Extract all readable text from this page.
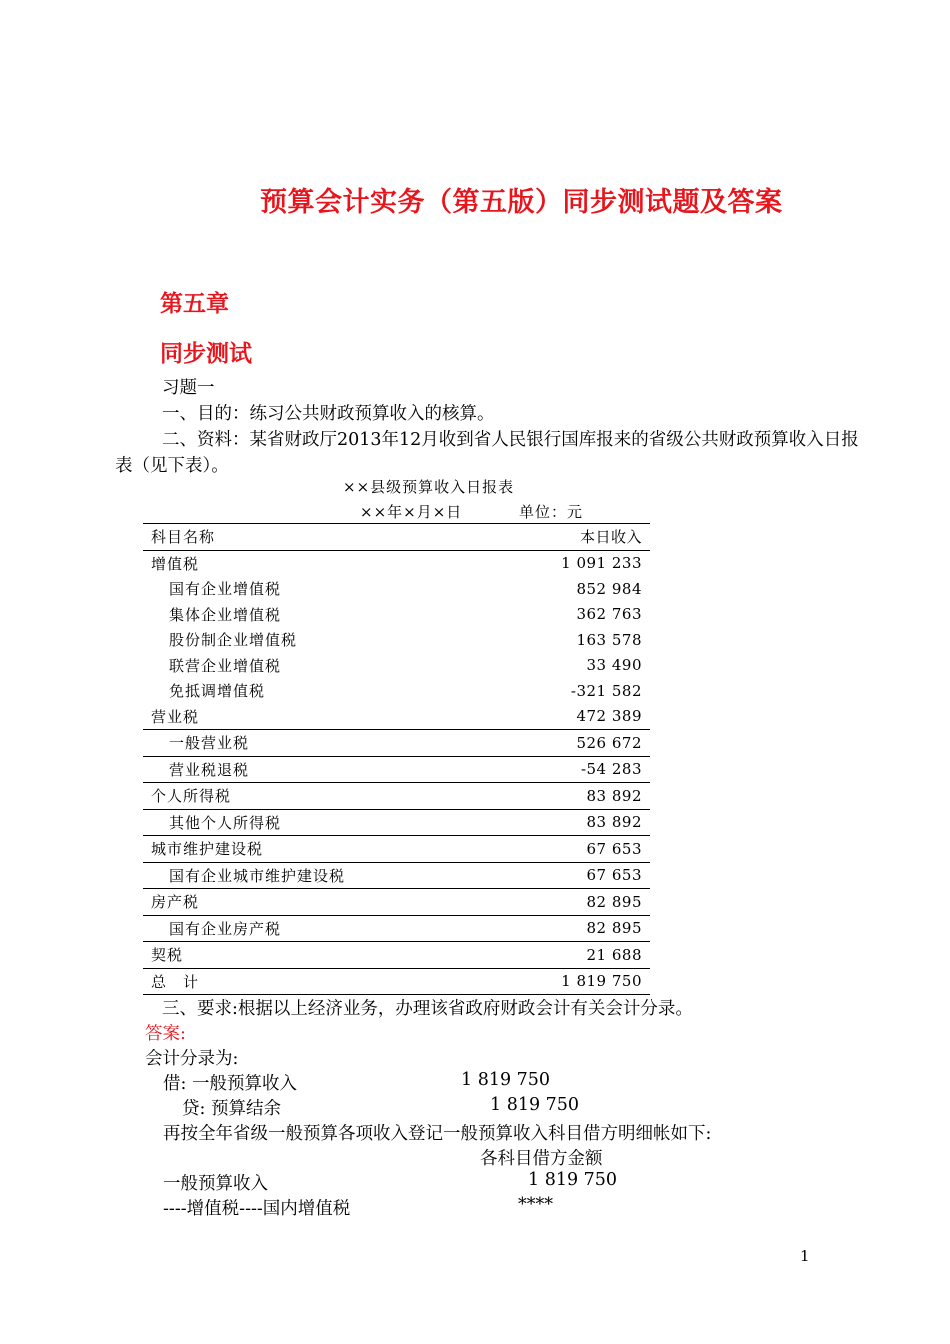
预算会计实务（第五版）同步测试题及答案
第五章
同步测试
习题一
一、目的：练习公共财政预算收入的核算。
二、资料：某省财政厅2013年12月收到省人民银行国库报来的省级公共财政预算收入日报
表（见下表）。
××县级预算收入日报表
××年×月×日	单位：元
科目名称	本日收入
增值税	1 091 233
国有企业增值税	852 984
集体企业增值税	362 763
股份制企业增值税	163 578
联营企业增值税	33 490
免抵调增值税	-321 582
营业税	472 389
一般营业税	526 672
营业税退税	-54 283
个人所得税	83 892
其他个人所得税	83 892
城市维护建设税	67 653
国有企业城市维护建设税	67 653
房产税	82 895
国有企业房产税	82 895
契税	21 688
总　计	1 819 750
三、要求:根据以上经济业务，办理该省政府财政会计有关会计分录。
答案:
会计分录为:
借: 一般预算收入	1 819 750
贷: 预算结余	1 819 750
再按全年省级一般预算各项收入登记一般预算收入科目借方明细帐如下:
各科目借方金额
一般预算收入	1 819 750
----增值税----国内增值税	****
1
